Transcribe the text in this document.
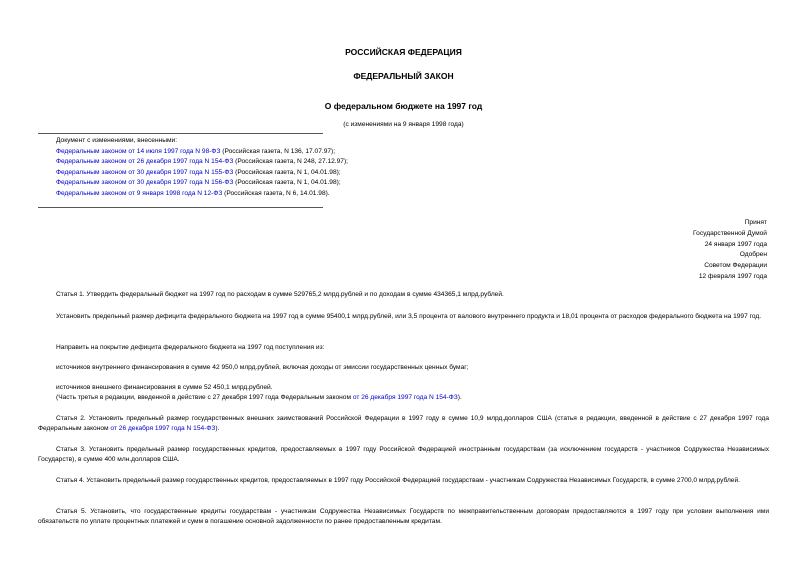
РОССИЙСКАЯ ФЕДЕРАЦИЯ
ФЕДЕРАЛЬНЫЙ ЗАКОН
О федеральном бюджете на 1997 год
(с изменениями на 9 января 1998 года)
Документ с изменениями, внесенными:
Федеральным законом от 14 июля 1997 года N 98-ФЗ (Российская газета, N 136, 17.07.97);
Федеральным законом от 26 декабря 1997 года N 154-ФЗ (Российская газета, N 248, 27.12.97);
Федеральным законом от 30 декабря 1997 года N 155-ФЗ (Российская газета, N 1, 04.01.98);
Федеральным законом от 30 декабря 1997 года N 156-ФЗ (Российская газета, N 1, 04.01.98);
Федеральным законом от 9 января 1998 года N 12-ФЗ (Российская газета, N 6, 14.01.98).
Принят
Государственной Думой
24 января 1997 года
Одобрен
Советом Федерации
12 февраля 1997 года
Статья 1. Утвердить федеральный бюджет на 1997 год по расходам в сумме 529765,2 млрд.рублей и по доходам в сумме 434365,1 млрд.рублей.
Установить предельный размер дефицита федерального бюджета на 1997 год в сумме 95400,1 млрд.рублей, или 3,5 процента от валового внутреннего продукта и 18,01 процента от расходов федерального бюджета на 1997 год.
Направить на покрытие дефицита федерального бюджета на 1997 год поступления из:
источников внутреннего финансирования в сумме 42 950,0 млрд.рублей, включая доходы от эмиссии государственных ценных бумаг;
источников внешнего финансирования в сумме 52 450,1 млрд.рублей.
(Часть третья в редакции, введенной в действие с 27 декабря 1997 года Федеральным законом от 26 декабря 1997 года N 154-ФЗ).
Статья 2. Установить предельный размер государственных внешних заимствований Российской Федерации в 1997 году в сумме 10,9 млрд.долларов США (статья в редакции, введенной в действие с 27 декабря 1997 года Федеральным законом от 26 декабря 1997 года N 154-ФЗ).
Статья 3. Установить предельный размер государственных кредитов, предоставляемых в 1997 году Российской Федерацией иностранным государствам (за исключением государств - участников Содружества Независимых Государств), в сумме 400 млн.долларов США.
Статья 4. Установить предельный размер государственных кредитов, предоставляемых в 1997 году Российской Федерацией государствам - участникам Содружества Независимых Государств, в сумме 2700,0 млрд.рублей.
Статья 5. Установить, что государственные кредиты государствам - участникам Содружества Независимых Государств по межправительственным договорам предоставляются в 1997 году при условии выполнения ими обязательств по уплате процентных платежей и сумм в погашение основной задолженности по ранее предоставленным кредитам.
